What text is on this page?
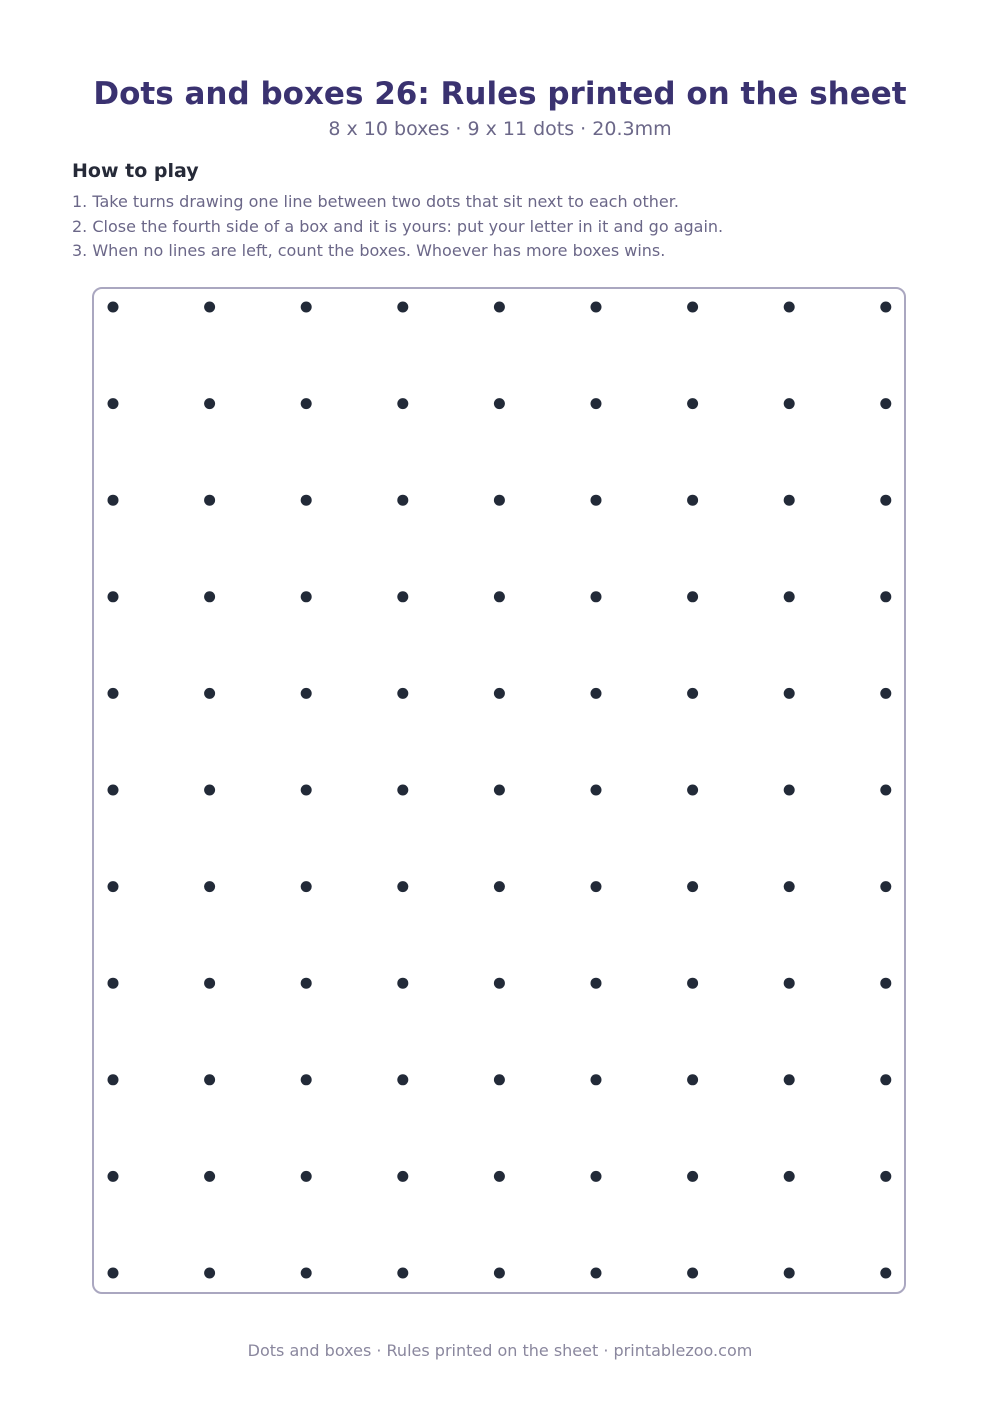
Dots and boxes 26: Rules printed on the sheet
8 x 10 boxes · 9 x 11 dots · 20.3mm
How to play
1. Take turns drawing one line between two dots that sit next to each other.
2. Close the fourth side of a box and it is yours: put your letter in it and go again.
3. When no lines are left, count the boxes. Whoever has more boxes wins.
Dots and boxes · Rules printed on the sheet · printablezoo.com
